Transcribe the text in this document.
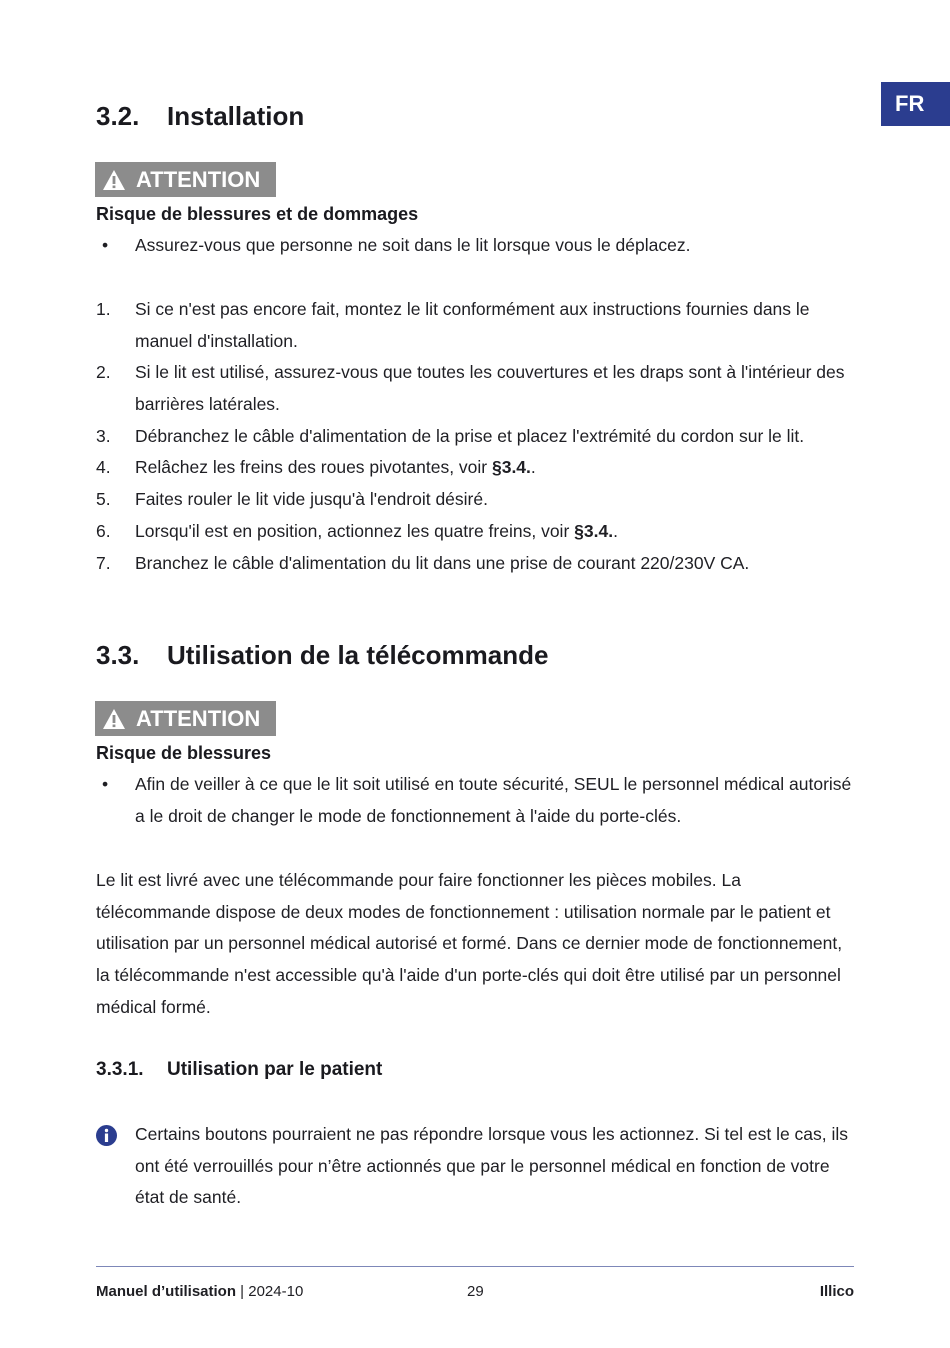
FR
3.2. Installation
ATTENTION
Risque de blessures et de dommages
•	Assurez-vous que personne ne soit dans le lit lorsque vous le déplacez.
1.	Si ce n'est pas encore fait, montez le lit conformément aux instructions fournies dans le manuel d'installation.
2.	Si le lit est utilisé, assurez-vous que toutes les couvertures et les draps sont à l'intérieur des barrières latérales.
3.	Débranchez le câble d'alimentation de la prise et placez l'extrémité du cordon sur le lit.
4.	Relâchez les freins des roues pivotantes, voir §3.4..
5.	Faites rouler le lit vide jusqu'à l'endroit désiré.
6.	Lorsqu'il est en position, actionnez les quatre freins, voir §3.4..
7.	Branchez le câble d'alimentation du lit dans une prise de courant 220/230V CA.
3.3. Utilisation de la télécommande
ATTENTION
Risque de blessures
•	Afin de veiller à ce que le lit soit utilisé en toute sécurité, SEUL le personnel médical autorisé a le droit de changer le mode de fonctionnement à l'aide du porte-clés.

Le lit est livré avec une télécommande pour faire fonctionner les pièces mobiles. La télécommande dispose de deux modes de fonctionnement : utilisation normale par le patient et utilisation par un personnel médical autorisé et formé. Dans ce dernier mode de fonctionnement, la télécommande n'est accessible qu'à l'aide d'un porte-clés qui doit être utilisé par un personnel médical formé.

3.3.1. Utilisation par le patient
Certains boutons pourraient ne pas répondre lorsque vous les actionnez. Si tel est le cas, ils ont été verrouillés pour n’être actionnés que par le personnel médical en fonction de votre état de santé.
Manuel d’utilisation | 2024-10	29	Illico
